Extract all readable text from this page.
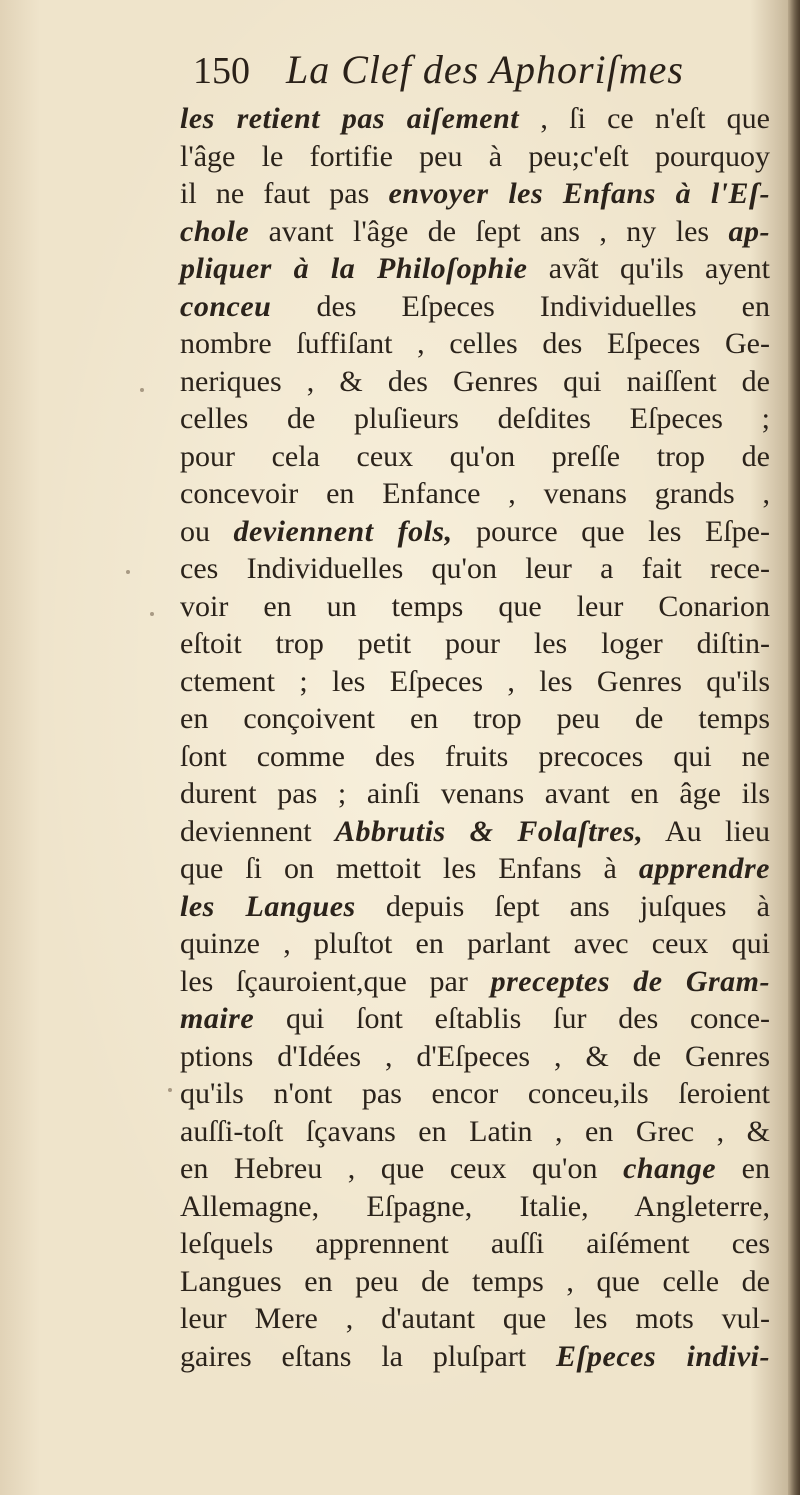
150 La Clef des Aphoriſmes
les retient pas aiſement , ſi ce n'eſt que
l'âge le fortifie peu à peu;c'eſt pourquoy
il ne faut pas envoyer les Enfans à l'Eſ-
chole avant l'âge de ſept ans , ny les ap-
pliquer à la Philoſophie avãt qu'ils ayent
conceu des Eſpeces Individuelles en
nombre ſuffiſant , celles des Eſpeces Ge-
neriques , & des Genres qui naiſſent de
celles de pluſieurs deſdites Eſpeces ;
pour cela ceux qu'on preſſe trop de
concevoir en Enfance , venans grands ,
ou deviennent fols, pource que les Eſpe-
ces Individuelles qu'on leur a fait rece-
voir en un temps que leur Conarion
eſtoit trop petit pour les loger diſtin-
ctement ; les Eſpeces , les Genres qu'ils
en conçoivent en trop peu de temps
ſont comme des fruits precoces qui ne
durent pas ; ainſi venans avant en âge ils
deviennent Abbrutis & Folaſtres, Au lieu
que ſi on mettoit les Enfans à apprendre
les Langues depuis ſept ans juſques à
quinze , pluſtot en parlant avec ceux qui
les ſçauroient,que par preceptes de Gram-
maire qui ſont eſtablis ſur des conce-
ptions d'Idées , d'Eſpeces , & de Genres
qu'ils n'ont pas encor conceu,ils ſeroient
auſſi-toſt ſçavans en Latin , en Grec , &
en Hebreu , que ceux qu'on change en
Allemagne, Eſpagne, Italie, Angleterre,
leſquels apprennent auſſi aiſément ces
Langues en peu de temps , que celle de
leur Mere , d'autant que les mots vul-
gaires eſtans la pluſpart Eſpeces indivi-
